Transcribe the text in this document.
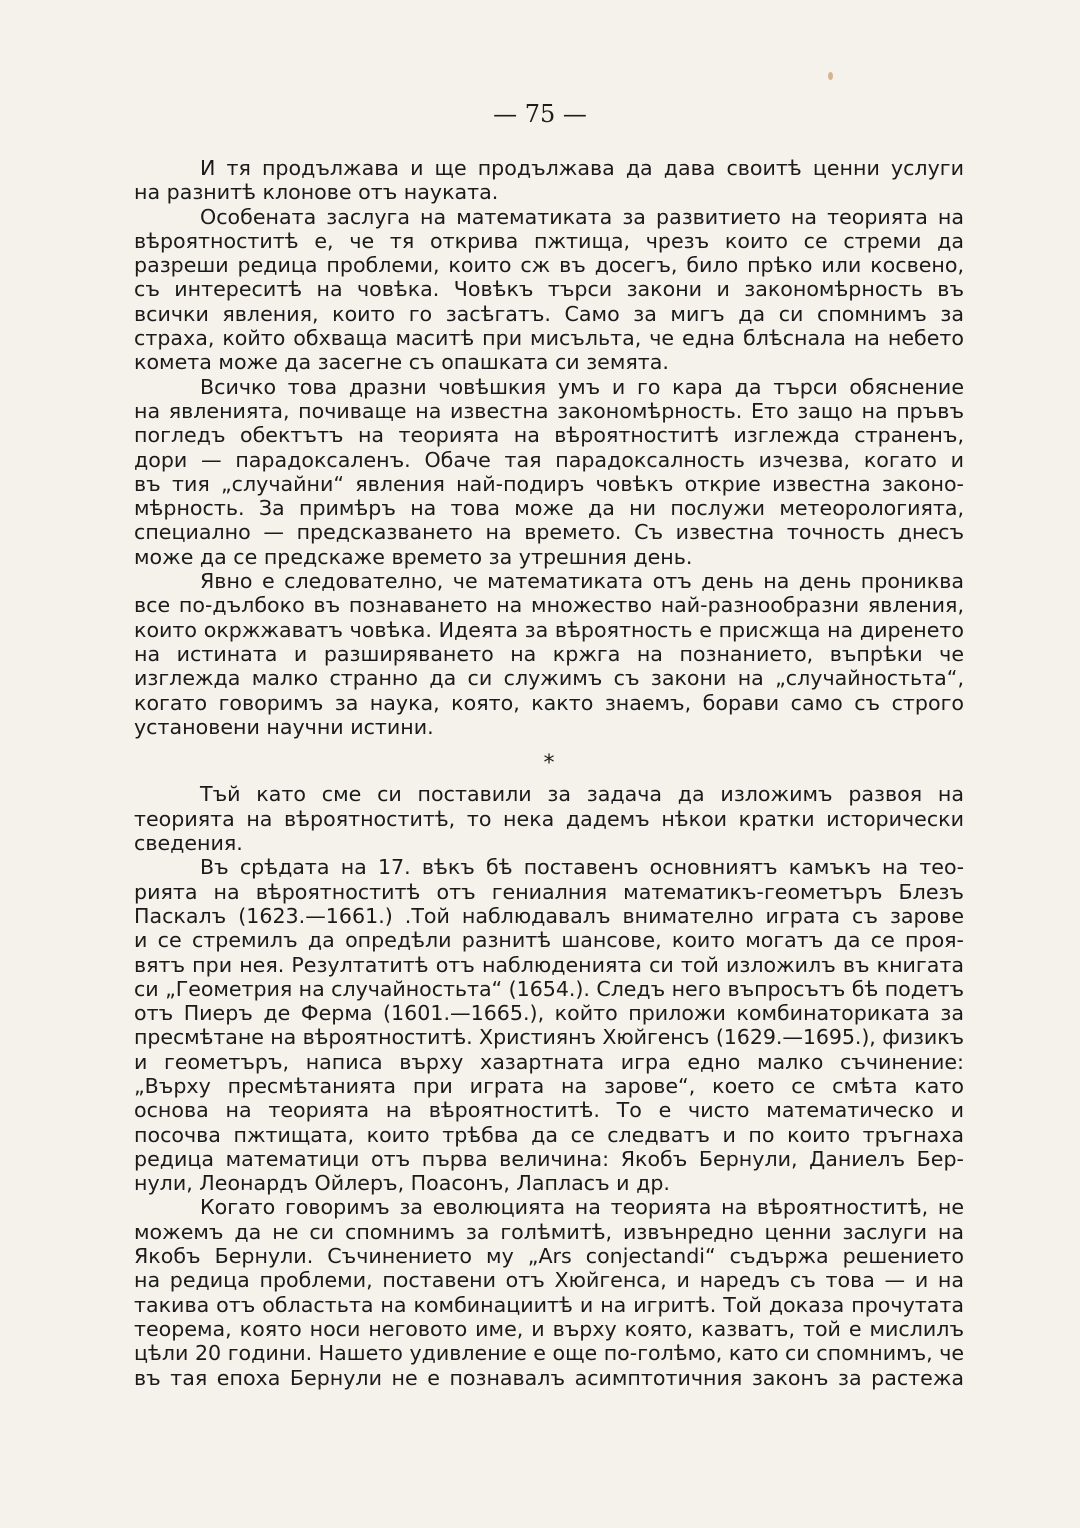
— 75 —
И тя продължава и ще продължава да дава своитѣ ценни услуги
на разнитѣ клонове отъ науката.
Особената заслуга на математиката за развитието на теорията на
вѣроятноститѣ е, че тя открива пжтища, чрезъ които се стреми да
разреши редица проблеми, които сж въ досегъ, било прѣко или косвено,
съ интереситѣ на човѣка. Човѣкъ търси закони и закономѣрность въ
всички явления, които го засѣгатъ. Само за мигъ да си спомнимъ за
страха, който обхваща маситѣ при мисъльта, че една блѣснала на небето
комета може да засегне съ опашката си земята.
Всичко това дразни човѣшкия умъ и го кара да търси обяснение
на явленията, почиваще на известна закономѣрность. Ето защо на пръвъ
погледъ обектътъ на теорията на вѣроятноститѣ изглежда страненъ,
дори — парадоксаленъ. Обаче тая парадоксалность изчезва, когато и
въ тия „случайни“ явления най-подиръ човѣкъ открие известна законо-
мѣрность. За примѣръ на това може да ни послужи метеорологията,
специално — предсказването на времето. Съ известна точность днесъ
може да се предскаже времето за утрешния день.
Явно е следователно, че математиката отъ день на день прониква
все по-дълбоко въ познаването на множество най-разнообразни явления,
които окржжаватъ човѣка. Идеята за вѣроятность е присжща на диренето
на истината и разширяването на кржга на познанието, въпрѣки че
изглежда малко странно да си служимъ съ закони на „случайностьта“,
когато говоримъ за наука, която, както знаемъ, борави само съ строго
установени научни истини.
*
Тъй като сме си поставили за задача да изложимъ развоя на
теорията на вѣроятноститѣ, то нека дадемъ нѣкои кратки исторически
сведения.
Въ срѣдата на 17. вѣкъ бѣ поставенъ основниятъ камъкъ на тео-
рията на вѣроятноститѣ отъ гениалния математикъ-геометъръ Блезъ
Паскалъ (1623.—1661.) .Той наблюдавалъ внимателно играта съ зарове
и се стремилъ да опредѣли разнитѣ шансове, които могатъ да се проя-
вятъ при нея. Резултатитѣ отъ наблюденията си той изложилъ въ книгата
си „Геометрия на случайностьта“ (1654.). Следъ него въпросътъ бѣ подетъ
отъ Пиеръ де Ферма (1601.—1665.), който приложи комбинаториката за
пресмѣтане на вѣроятноститѣ. Християнъ Хюйгенсъ (1629.—1695.), физикъ
и геометъръ, написа върху хазартната игра едно малко съчинение:
„Върху пресмѣтанията при играта на зарове“, което се смѣта като
основа на теорията на вѣроятноститѣ. То е чисто математическо и
посочва пжтищата, които трѣбва да се следватъ и по които тръгнаха
редица математици отъ първа величина: Якобъ Бернули, Даниелъ Бер-
нули, Леонардъ Ойлеръ, Поасонъ, Лапласъ и др.
Когато говоримъ за еволюцията на теорията на вѣроятноститѣ, не
можемъ да не си спомнимъ за голѣмитѣ, извънредно ценни заслуги на
Якобъ Бернули. Съчинението му „Ars conjectandi“ съдържа решението
на редица проблеми, поставени отъ Хюйгенса, и наредъ съ това — и на
такива отъ областьта на комбинациитѣ и на игритѣ. Той доказа прочутата
теорема, която носи неговото име, и върху която, казватъ, той е мислилъ
цѣли 20 години. Нашето удивление е още по-голѣмо, като си спомнимъ, че
въ тая епоха Бернули не е познавалъ асимптотичния законъ за растежа
